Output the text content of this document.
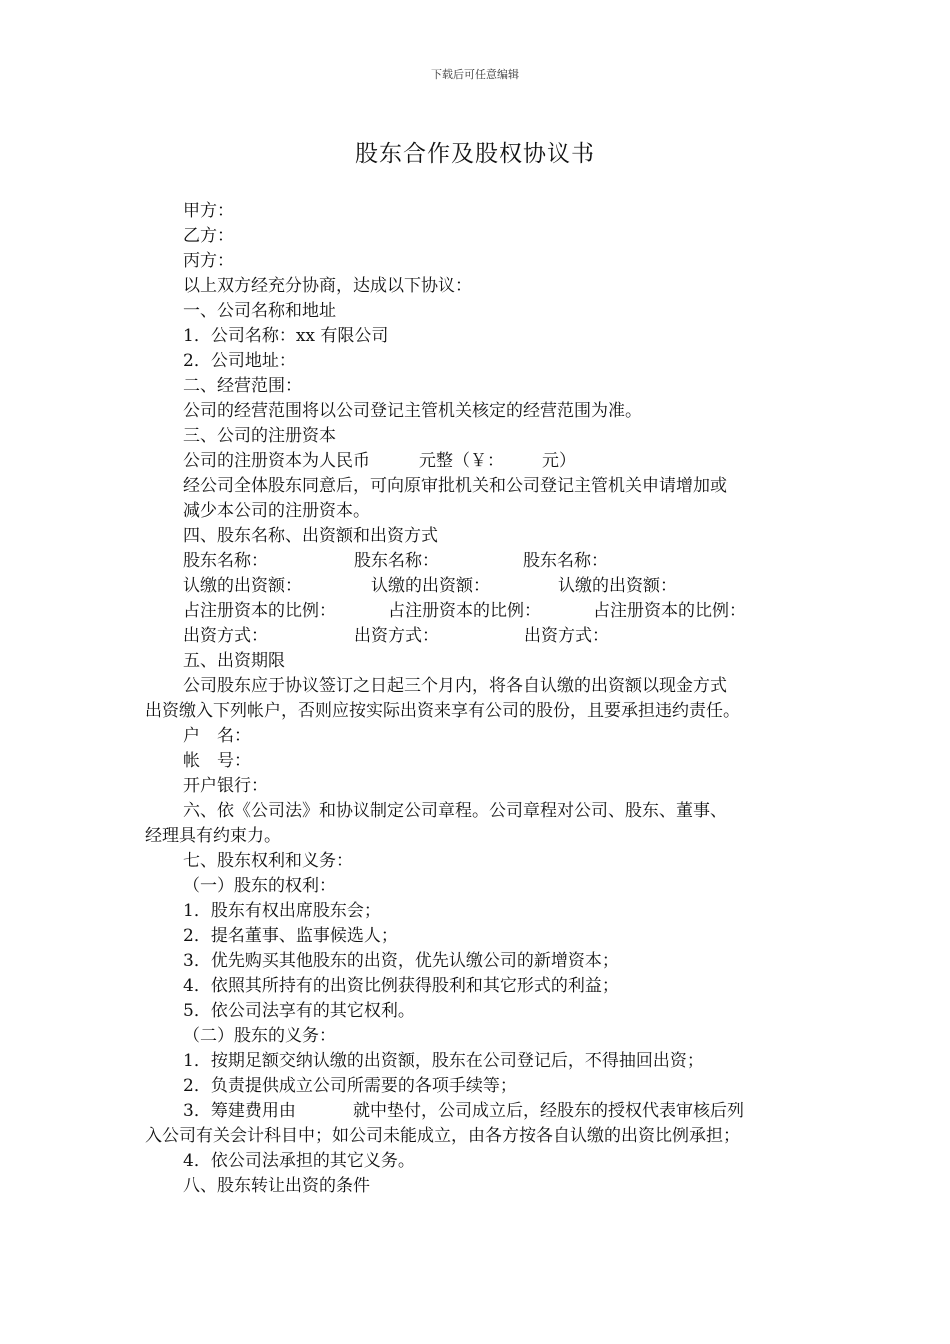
下载后可任意编辑
股东合作及股权协议书
甲方：
乙方：
丙方：
以上双方经充分协商，达成以下协议：
一、公司名称和地址
1．公司名称：xx 有限公司
2．公司地址：
二、经营范围：
公司的经营范围将以公司登记主管机关核定的经营范围为准。
三、公司的注册资本
公司的注册资本为人民币	元整（￥： 元）
经公司全体股东同意后，可向原审批机关和公司登记主管机关申请增加或
减少本公司的注册资本。
四、股东名称、出资额和出资方式
股东名称：	股东名称：	股东名称：
认缴的出资额：	认缴的出资额：	认缴的出资额：
占注册资本的比例：	占注册资本的比例：	占注册资本的比例：
出资方式：	出资方式：	出资方式：
五、出资期限
公司股东应于协议签订之日起三个月内，将各自认缴的出资额以现金方式
出资缴入下列帐户，否则应按实际出资来享有公司的股份，且要承担违约责任。
户　名：
帐　号：
开户银行：
六、依《公司法》和协议制定公司章程。公司章程对公司、股东、董事、
经理具有约束力。
七、股东权利和义务：
（一）股东的权利：
1．股东有权出席股东会；
2．提名董事、监事候选人；
3．优先购买其他股东的出资，优先认缴公司的新增资本；
4．依照其所持有的出资比例获得股利和其它形式的利益；
5．依公司法享有的其它权利。
（二）股东的义务：
1．按期足额交纳认缴的出资额，股东在公司登记后，不得抽回出资；
2．负责提供成立公司所需要的各项手续等；
3．筹建费用由	就中垫付，公司成立后，经股东的授权代表审核后列
入公司有关会计科目中；如公司未能成立，由各方按各自认缴的出资比例承担；
4．依公司法承担的其它义务。
八、股东转让出资的条件
